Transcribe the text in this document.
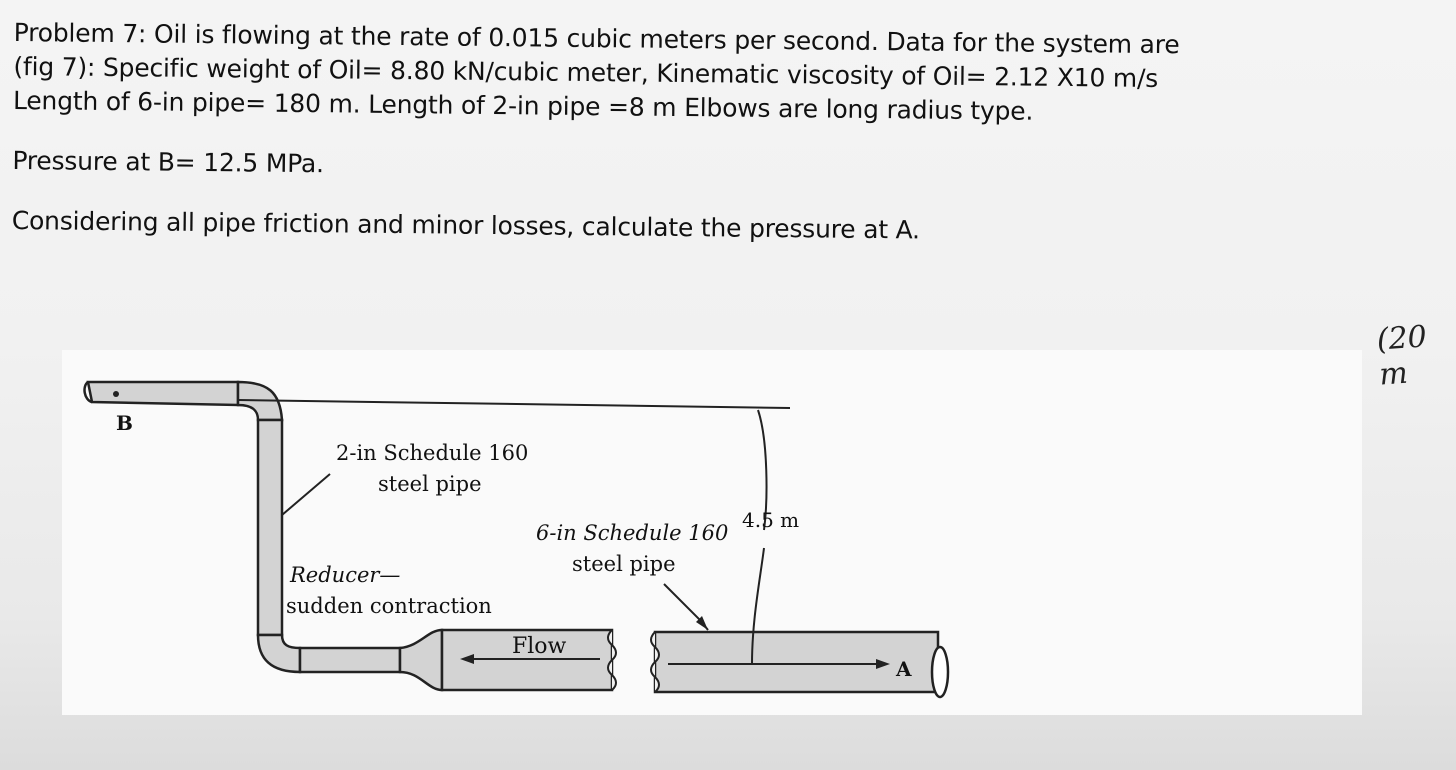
Problem 7: Oil is flowing at the rate of 0.015 cubic meters per second. Data for the system are
(fig 7): Specific weight of Oil= 8.80 kN/cubic meter, Kinematic viscosity of Oil= 2.12 X10 m/s
Length of 6-in pipe= 180 m. Length of 2-in pipe =8 m Elbows are long radius type.
Pressure at B= 12.5 MPa.
Considering all pipe friction and minor losses, calculate the pressure at A.
(20 m
B
A
2-in Schedule 160
steel pipe
6-in Schedule 160
steel pipe
4.5 m
Reducer—
sudden contraction
Flow
